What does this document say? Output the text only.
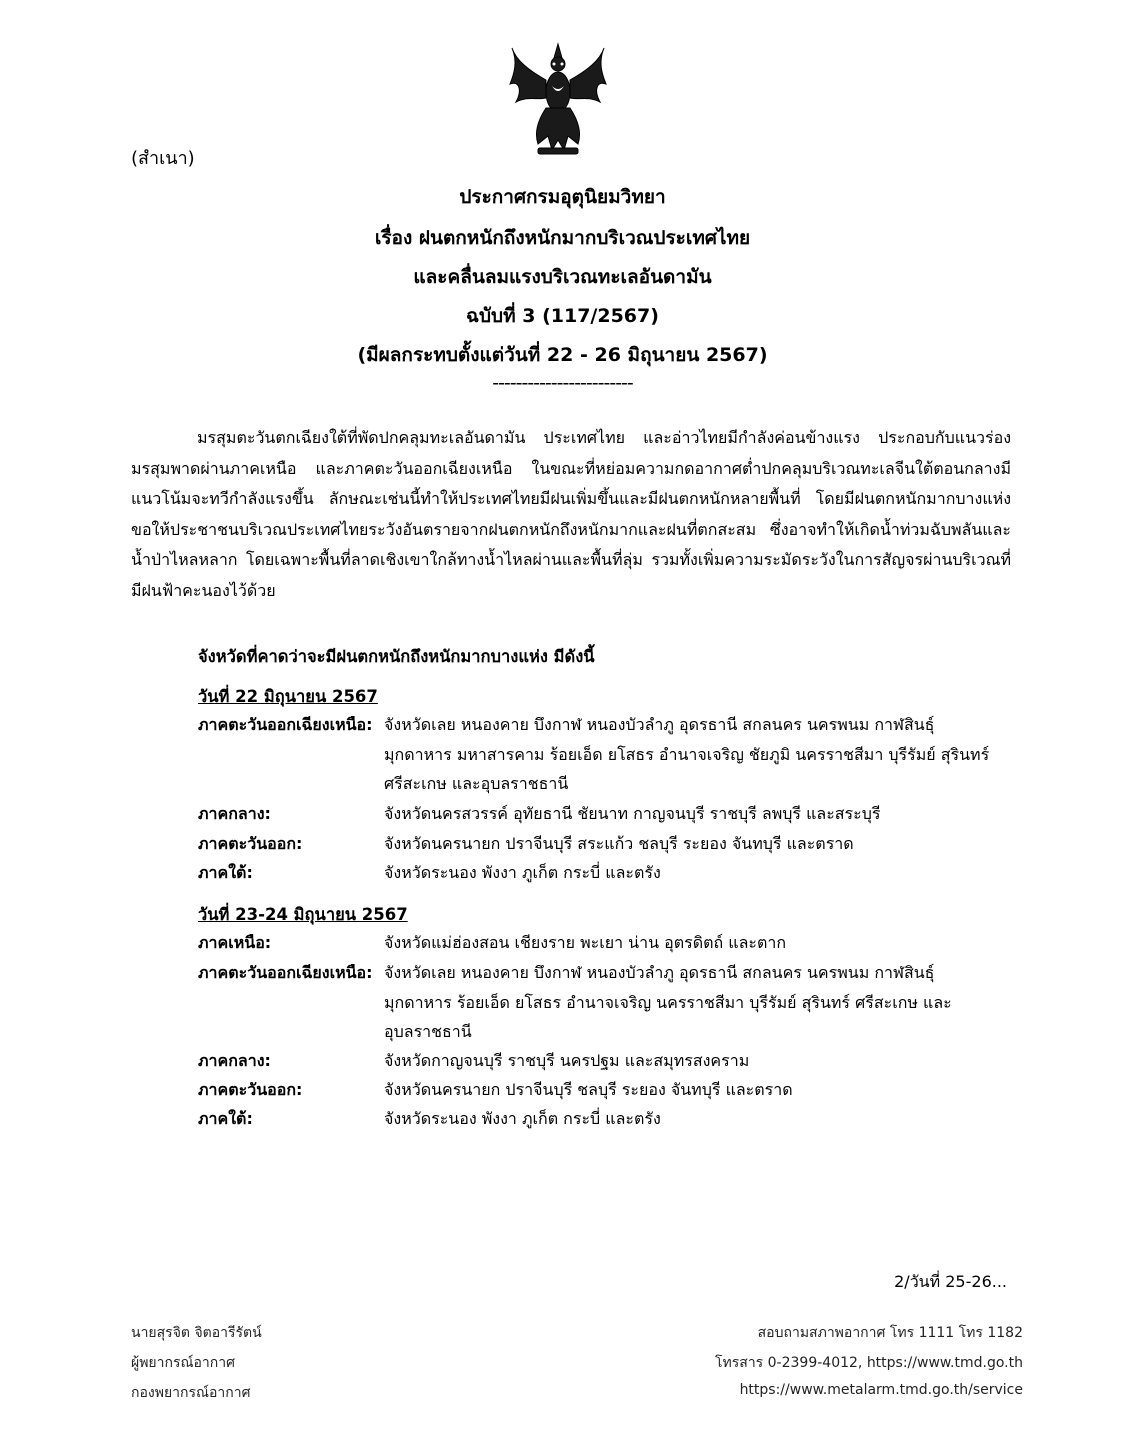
(สำเนา)
ประกาศกรมอุตุนิยมวิทยา
เรื่อง ฝนตกหนักถึงหนักมากบริเวณประเทศไทย
และคลื่นลมแรงบริเวณทะเลอันดามัน
ฉบับที่ 3 (117/2567)
(มีผลกระทบตั้งแต่วันที่ 22 - 26 มิถุนายน 2567)
------------------------

มรสุมตะวันตกเฉียงใต้ที่พัดปกคลุมทะเลอันดามัน ประเทศไทย และอ่าวไทยมีกำลังค่อนข้างแรง ประกอบกับแนวร่องมรสุมพาดผ่านภาคเหนือ และภาคตะวันออกเฉียงเหนือ ในขณะที่หย่อมความกดอากาศต่ำปกคลุมบริเวณทะเลจีนใต้ตอนกลางมีแนวโน้มจะทวีกำลังแรงขึ้น ลักษณะเช่นนี้ทำให้ประเทศไทยมีฝนเพิ่มขึ้นและมีฝนตกหนักหลายพื้นที่ โดยมีฝนตกหนักมากบางแห่ง ขอให้ประชาชนบริเวณประเทศไทยระวังอันตรายจากฝนตกหนักถึงหนักมากและฝนที่ตกสะสม ซึ่งอาจทำให้เกิดน้ำท่วมฉับพลันและน้ำป่าไหลหลาก โดยเฉพาะพื้นที่ลาดเชิงเขาใกล้ทางน้ำไหลผ่านและพื้นที่ลุ่ม รวมทั้งเพิ่มความระมัดระวังในการสัญจรผ่านบริเวณที่มีฝนฟ้าคะนองไว้ด้วย

จังหวัดที่คาดว่าจะมีฝนตกหนักถึงหนักมากบางแห่ง มีดังนี้
วันที่ 22 มิถุนายน 2567
ภาคตะวันออกเฉียงเหนือ: จังหวัดเลย หนองคาย บึงกาฬ หนองบัวลำภู อุดรธานี สกลนคร นครพนม กาฬสินธุ์ มุกดาหาร มหาสารคาม ร้อยเอ็ด ยโสธร อำนาจเจริญ ชัยภูมิ นครราชสีมา บุรีรัมย์ สุรินทร์ ศรีสะเกษ และอุบลราชธานี
ภาคกลาง:	จังหวัดนครสวรรค์ อุทัยธานี ชัยนาท กาญจนบุรี ราชบุรี ลพบุรี และสระบุรี
ภาคตะวันออก:	จังหวัดนครนายก ปราจีนบุรี สระแก้ว ชลบุรี ระยอง จันทบุรี และตราด
ภาคใต้:	จังหวัดระนอง พังงา ภูเก็ต กระบี่ และตรัง
วันที่ 23-24 มิถุนายน 2567
ภาคเหนือ:	จังหวัดแม่ฮ่องสอน เชียงราย พะเยา น่าน อุตรดิตถ์ และตาก
ภาคตะวันออกเฉียงเหนือ: จังหวัดเลย หนองคาย บึงกาฬ หนองบัวลำภู อุดรธานี สกลนคร นครพนม กาฬสินธุ์ มุกดาหาร ร้อยเอ็ด ยโสธร อำนาจเจริญ นครราชสีมา บุรีรัมย์ สุรินทร์ ศรีสะเกษ และอุบลราชธานี
ภาคกลาง:	จังหวัดกาญจนบุรี ราชบุรี นครปฐม และสมุทรสงคราม
ภาคตะวันออก:	จังหวัดนครนายก ปราจีนบุรี ชลบุรี ระยอง จันทบุรี และตราด
ภาคใต้:	จังหวัดระนอง พังงา ภูเก็ต กระบี่ และตรัง
2/วันที่ 25-26...
นายสุรจิต จิตอารีรัตน์
ผู้พยากรณ์อากาศ
กองพยากรณ์อากาศ
สอบถามสภาพอากาศ โทร 1111 โทร 1182
โทรสาร 0-2399-4012, https://www.tmd.go.th
https://www.metalarm.tmd.go.th/service
